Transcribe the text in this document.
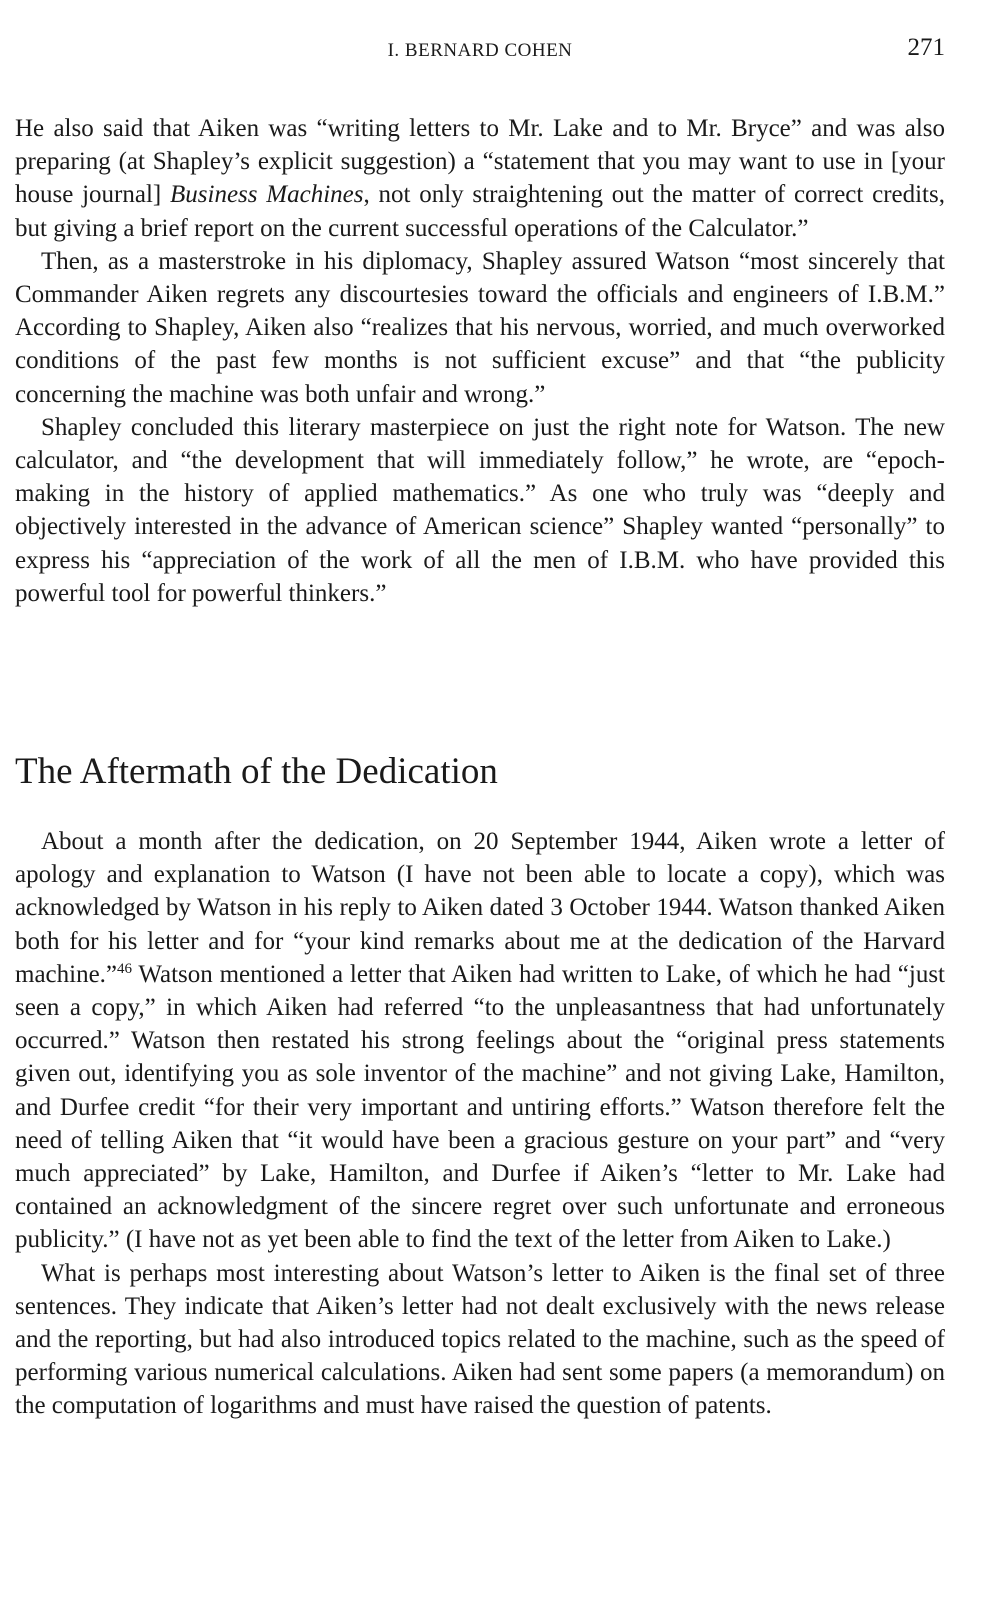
I. BERNARD COHEN	271

He also said that Aiken was “writing letters to Mr. Lake and to Mr. Bryce” and was also preparing (at Shapley’s explicit suggestion) a “statement that you may want to use in [your house journal] Business Machines, not only straightening out the matter of correct credits, but giving a brief report on the current successful operations of the Calculator.”

Then, as a masterstroke in his diplomacy, Shapley assured Watson “most sincerely that Commander Aiken regrets any discourtesies toward the officials and engineers of I.B.M.” According to Shapley, Aiken also “realizes that his nervous, worried, and much overworked conditions of the past few months is not sufficient excuse” and that “the publicity concerning the machine was both unfair and wrong.”

Shapley concluded this literary masterpiece on just the right note for Watson. The new calculator, and “the development that will immediately follow,” he wrote, are “epoch-making in the history of applied mathematics.” As one who truly was “deeply and objectively interested in the advance of American science” Shapley wanted “personally” to express his “appreciation of the work of all the men of I.B.M. who have provided this powerful tool for powerful thinkers.”

The Aftermath of the Dedication

About a month after the dedication, on 20 September 1944, Aiken wrote a letter of apology and explanation to Watson (I have not been able to locate a copy), which was acknowledged by Watson in his reply to Aiken dated 3 October 1944. Watson thanked Aiken both for his letter and for “your kind remarks about me at the dedication of the Harvard machine.”$^{46}$ Watson mentioned a letter that Aiken had written to Lake, of which he had “just seen a copy,” in which Aiken had referred “to the unpleasantness that had unfortunately occurred.” Watson then restated his strong feelings about the “original press statements given out, identifying you as sole inventor of the machine” and not giving Lake, Hamilton, and Durfee credit “for their very important and untiring efforts.” Watson therefore felt the need of telling Aiken that “it would have been a gracious gesture on your part” and “very much appreciated” by Lake, Hamilton, and Durfee if Aiken’s “letter to Mr. Lake had contained an acknowledgment of the sincere regret over such unfortunate and erroneous publicity.” (I have not as yet been able to find the text of the letter from Aiken to Lake.)

What is perhaps most interesting about Watson’s letter to Aiken is the final set of three sentences. They indicate that Aiken’s letter had not dealt exclusively with the news release and the reporting, but had also introduced topics related to the machine, such as the speed of performing various numerical calculations. Aiken had sent some papers (a memorandum) on the computation of logarithms and must have raised the question of patents.
